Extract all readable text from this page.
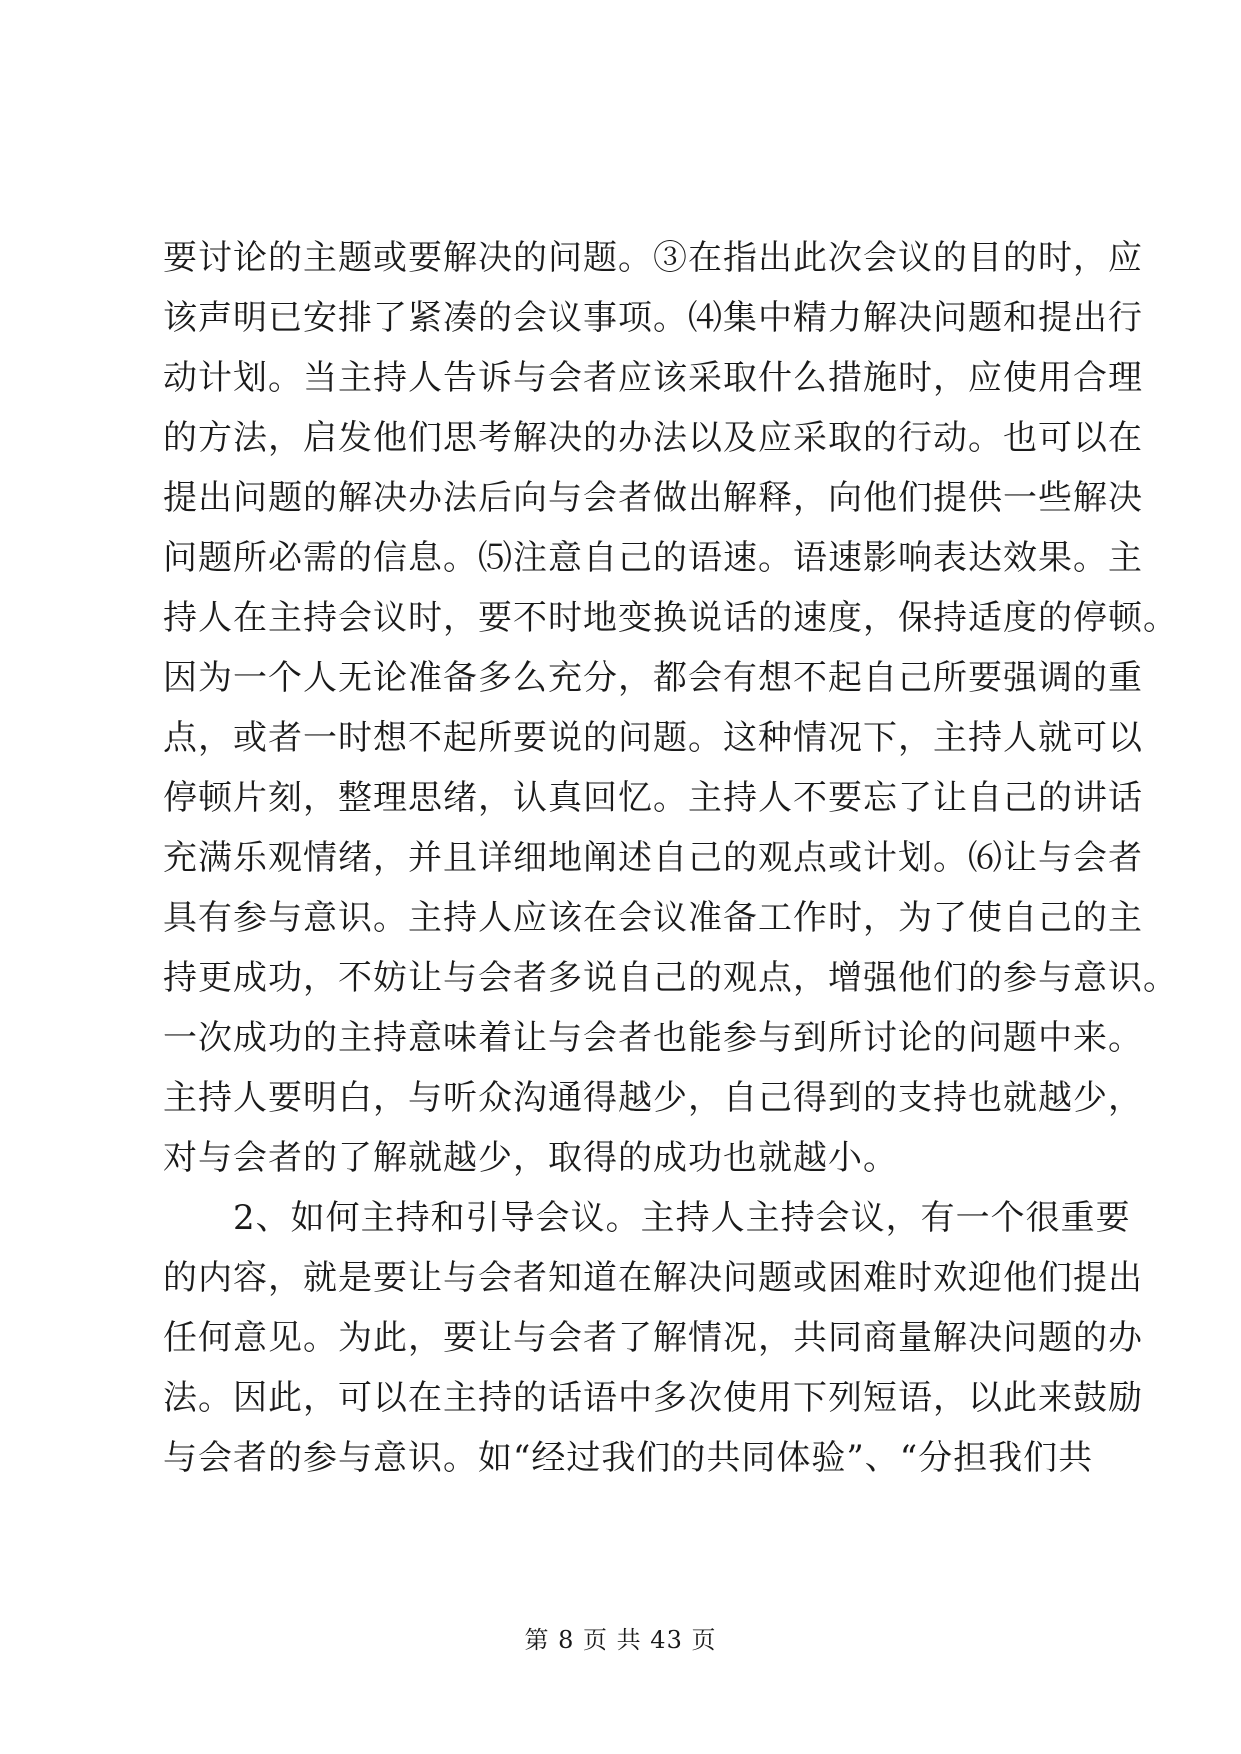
要讨论的主题或要解决的问题。③在指出此次会议的目的时，应
该声明已安排了紧凑的会议事项。⑷集中精力解决问题和提出行
动计划。当主持人告诉与会者应该采取什么措施时，应使用合理
的方法，启发他们思考解决的办法以及应采取的行动。也可以在
提出问题的解决办法后向与会者做出解释，向他们提供一些解决
问题所必需的信息。⑸注意自己的语速。语速影响表达效果。主
持人在主持会议时，要不时地变换说话的速度，保持适度的停顿。
因为一个人无论准备多么充分，都会有想不起自己所要强调的重
点，或者一时想不起所要说的问题。这种情况下，主持人就可以
停顿片刻，整理思绪，认真回忆。主持人不要忘了让自己的讲话
充满乐观情绪，并且详细地阐述自己的观点或计划。⑹让与会者
具有参与意识。主持人应该在会议准备工作时，为了使自己的主
持更成功，不妨让与会者多说自己的观点，增强他们的参与意识。
一次成功的主持意味着让与会者也能参与到所讨论的问题中来。
主持人要明白，与听众沟通得越少，自己得到的支持也就越少，
对与会者的了解就越少，取得的成功也就越小。
　　2、如何主持和引导会议。主持人主持会议，有一个很重要
的内容，就是要让与会者知道在解决问题或困难时欢迎他们提出
任何意见。为此，要让与会者了解情况，共同商量解决问题的办
法。因此，可以在主持的话语中多次使用下列短语，以此来鼓励
与会者的参与意识。如“经过我们的共同体验”、“分担我们共
第 8 页 共 43 页
